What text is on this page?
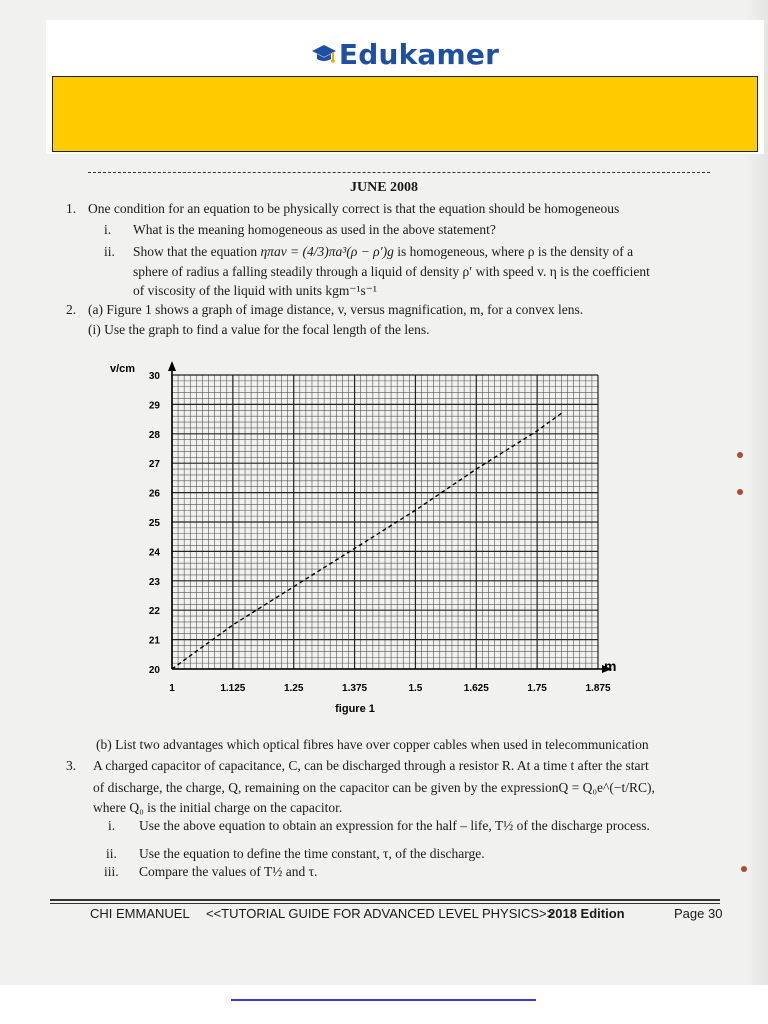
Edukamer
JUNE 2008
1. One condition for an equation to be physically correct is that the equation should be homogeneous
i. What is the meaning homogeneous as used in the above statement?
ii. Show that the equation ηπav = (4/3)πa³(ρ − ρ′)g is homogeneous, where ρ is the density of a
sphere of radius a falling steadily through a liquid of density ρ′ with speed v. η is the coefficient
of viscosity of the liquid with units kgm⁻¹s⁻¹
2. (a) Figure 1 shows a graph of image distance, v, versus magnification, m, for a convex lens.
(i) Use the graph to find a value for the focal length of the lens.
20
21
22
23
24
25
26
27
28
29
30
1	1.125	1.25	1.375	1.5	1.625	1.75	1.875
v/cm
m
figure 1
(b) List two advantages which optical fibres have over copper cables when used in telecommunication
3. A charged capacitor of capacitance, C, can be discharged through a resistor R. At a time t after the start
of discharge, the charge, Q, remaining on the capacitor can be given by the expressionQ = Q₀e^(−t/RC),
where Q₀ is the initial charge on the capacitor.
i. Use the above equation to obtain an expression for the half – life, T½ of the discharge process.
ii. Use the equation to define the time constant, τ, of the discharge.
iii. Compare the values of T½ and τ.
CHI EMMANUEL <<TUTORIAL GUIDE FOR ADVANCED LEVEL PHYSICS>>
2018 Edition	Page 30
